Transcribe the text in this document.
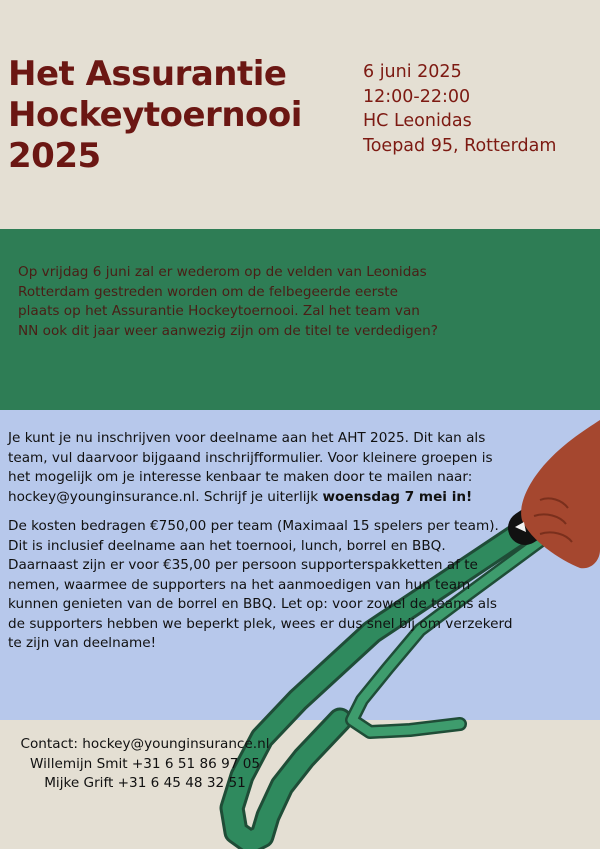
Het Assurantie
Hockeytoernooi
2025
6 juni 2025
12:00-22:00
HC Leonidas
Toepad 95, Rotterdam

Op vrijdag 6 juni zal er wederom op de velden van Leonidas Rotterdam gestreden worden om de felbegeerde eerste plaats op het Assurantie Hockeytoernooi. Zal het team van NN ook dit jaar weer aanwezig zijn om de titel te verdedigen?

Je kunt je nu inschrijven voor deelname aan het AHT 2025. Dit kan als team, vul daarvoor bijgaand inschrijfformulier. Voor kleinere groepen is het mogelijk om je interesse kenbaar te maken door te mailen naar: hockey@younginsurance.nl. Schrijf je uiterlijk woensdag 7 mei in!

De kosten bedragen €750,00 per team (Maximaal 15 spelers per team). Dit is inclusief deelname aan het toernooi, lunch, borrel en BBQ. Daarnaast zijn er voor €35,00 per persoon supporterspakketten af te nemen, waarmee de supporters na het aanmoedigen van hun team kunnen genieten van de borrel en BBQ. Let op: voor zowel de teams als de supporters hebben we beperkt plek, wees er dus snel bij om verzekerd te zijn van deelname!

Contact: hockey@younginsurance.nl
Willemijn Smit +31 6 51 86 97 05
Mijke Grift +31 6 45 48 32 51
